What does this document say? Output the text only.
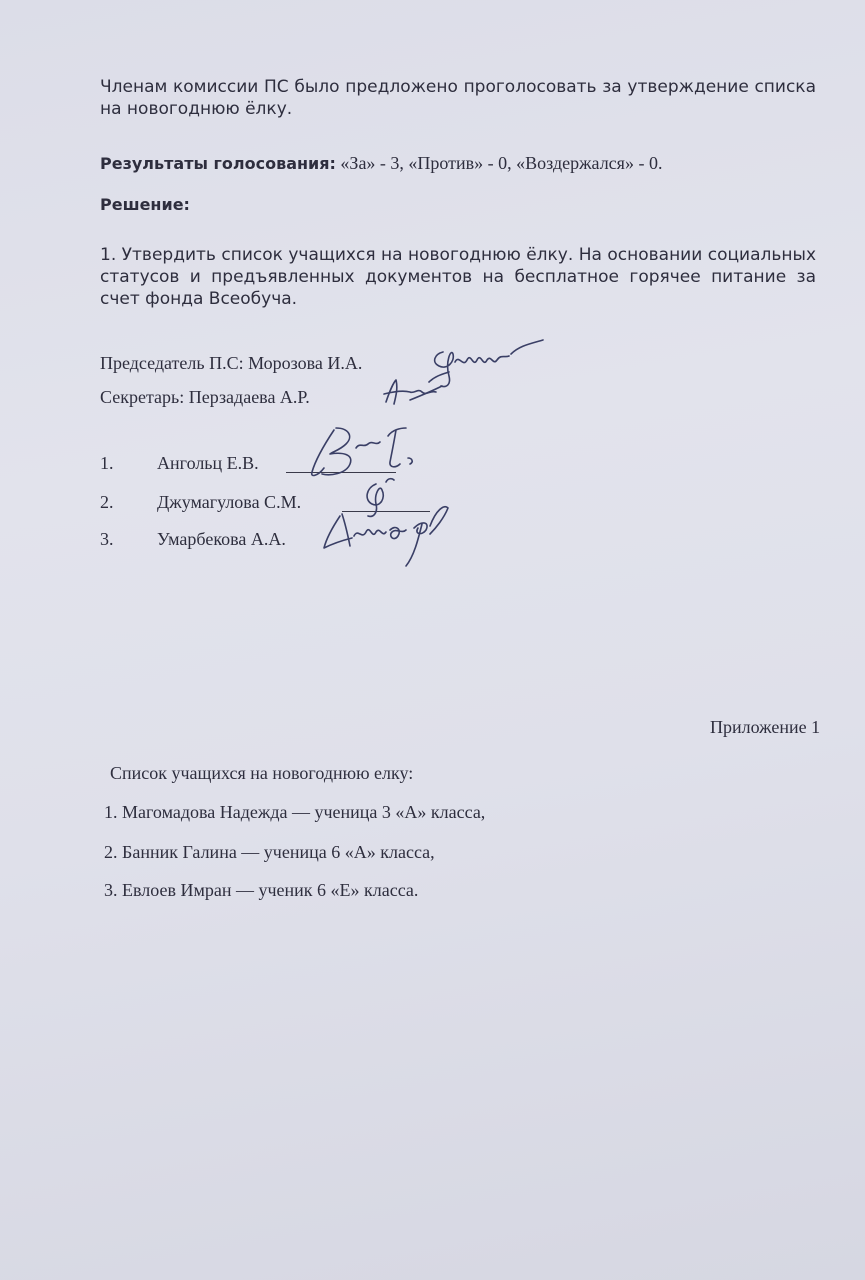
Членам комиссии ПС было предложено проголосовать за утверждение списка на новогоднюю ёлку.
Результаты голосования: «За» - 3, «Против» - 0, «Воздержался» - 0.
Решение:
1. Утвердить список учащихся на новогоднюю ёлку. На основании социальных статусов и предъявленных документов на бесплатное горячее питание за счет фонда Всеобуча.
Председатель П.С: Морозова И.А.
Секретарь: Перзадаева А.Р.
1. Ангольц Е.В.
2. Джумагулова С.М.
3. Умарбекова А.А.
Приложение 1
Список учащихся на новогоднюю елку:
1. Магомадова Надежда — ученица 3 «А» класса,
2. Банник Галина — ученица 6 «А» класса,
3. Евлоев Имран — ученик 6 «Е» класса.
